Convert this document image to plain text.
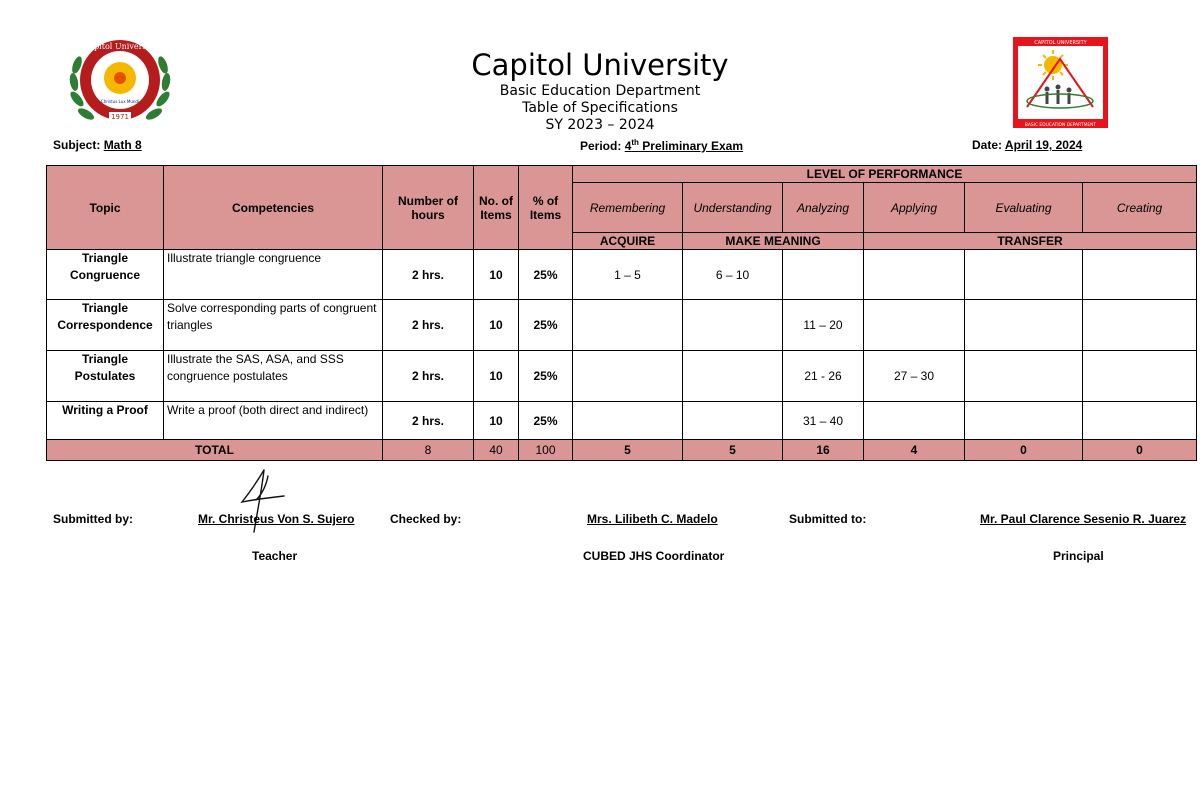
Capitol University
Christus Lux Mundi
1971
CAPITOL UNIVERSITY
BASIC EDUCATION DEPARTMENT
Capitol University
Basic Education Department
Table of Specifications
SY 2023 – 2024
Subject: Math 8	Period: 4th Preliminary Exam	Date: April 19, 2024
Topic	Competencies	Number of hours	No. of Items	% of Items	LEVEL OF PERFORMANCE					
					Remembering	Understanding	Analyzing	Applying	Evaluating	Creating
					ACQUIRE	MAKE MEANING		TRANSFER		
Triangle Congruence	Illustrate triangle congruence	2 hrs.	10	25%	1 – 5	6 – 10				
Triangle Correspondence	Solve corresponding parts of congruent triangles	2 hrs.	10	25%			11 – 20			
Triangle Postulates	Illustrate the SAS, ASA, and SSS congruence postulates	2 hrs.	10	25%			21 - 26	27 – 30		
Writing a Proof	Write a proof (both direct and indirect)	2 hrs.	10	25%			31 – 40			
TOTAL		8	40	100	5	5	16	4	0	0
Submitted by:	Mr. Christeus Von S. Sujero
Teacher
Checked by:	Mrs. Lilibeth C. Madelo
CUBED JHS Coordinator
Submitted to:	Mr. Paul Clarence Sesenio R. Juarez
Principal
